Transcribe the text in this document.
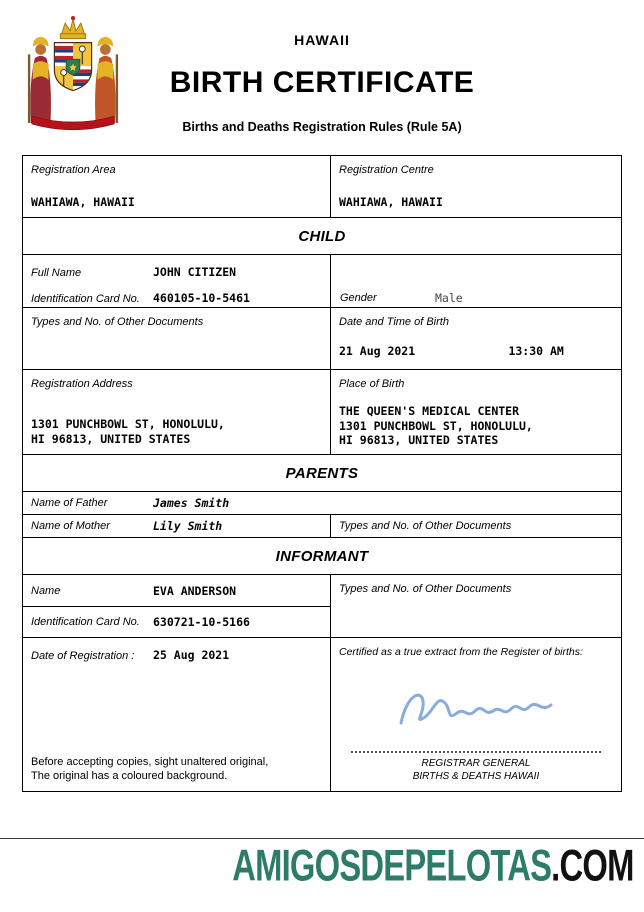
HAWAII
BIRTH CERTIFICATE
Births and Deaths Registration Rules (Rule 5A)
Registration Area
WAHIAWA, HAWAII
Registration Centre
WAHIAWA, HAWAII
CHILD
Full Name	JOHN CITIZEN
Identification Card No.	460105-10-5461	Gender	Male
Types and No. of Other Documents	Date and Time of Birth
21 Aug 2021	13:30 AM
Registration Address
1301 PUNCHBOWL ST, HONOLULU,
HI 96813, UNITED STATES
Place of Birth
THE QUEEN'S MEDICAL CENTER
1301 PUNCHBOWL ST, HONOLULU,
HI 96813, UNITED STATES
PARENTS
Name of Father	James Smith
Name of Mother	Lily Smith	Types and No. of Other Documents
INFORMANT
Name	EVA ANDERSON
Identification Card No.	630721-10-5166
Types and No. of Other Documents
Date of Registration :	25 Aug 2021
Before accepting copies, sight unaltered original,
The original has a coloured background.
Certified as a true extract from the Register of births:
REGISTRAR GENERAL
BIRTHS & DEATHS HAWAII
AMIGOSDEPELOTAS.COM
